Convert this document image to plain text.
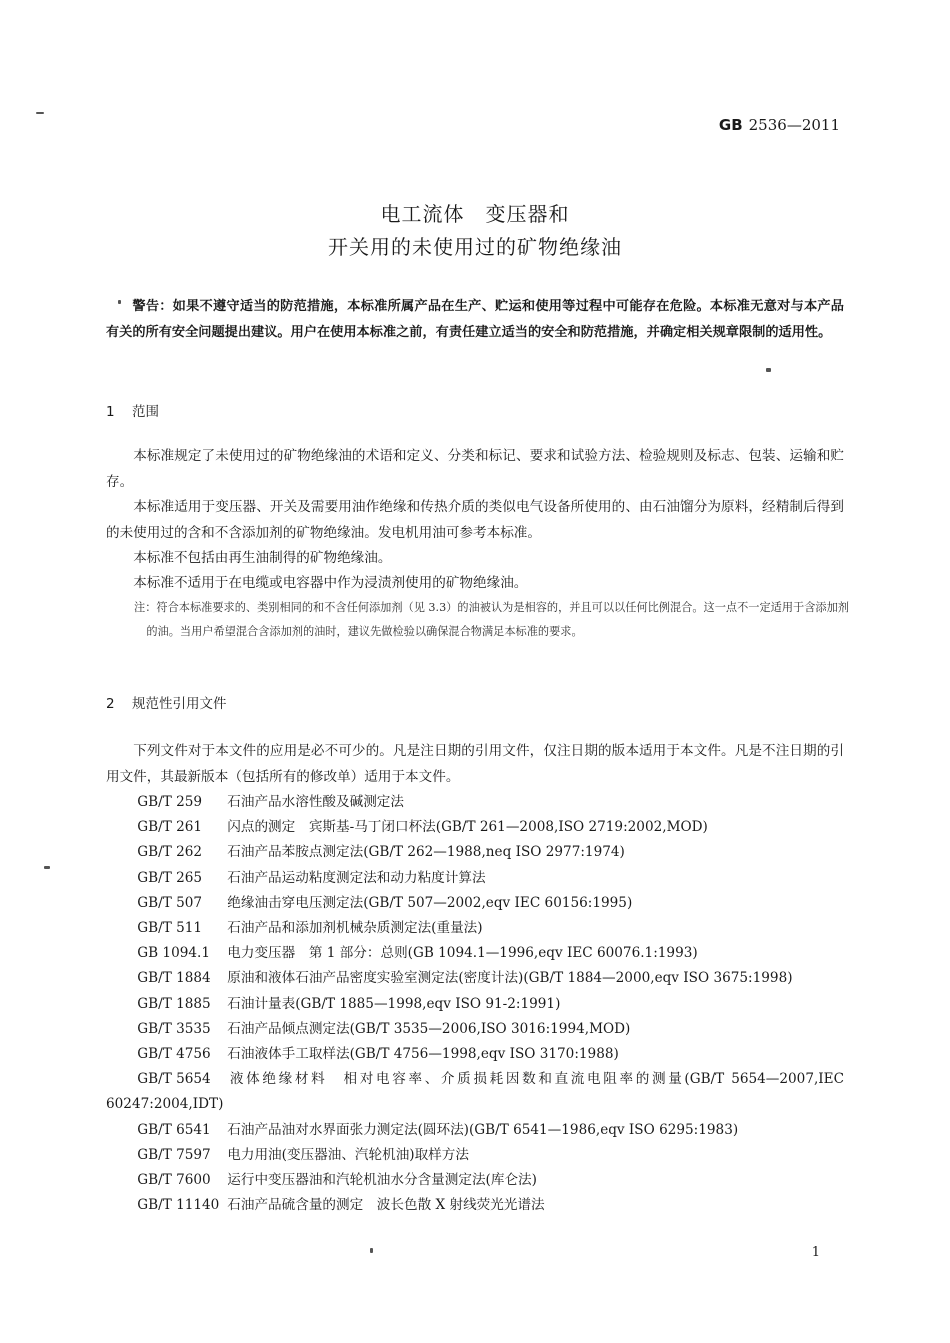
GB 2536—2011
电工流体　变压器和
开关用的未使用过的矿物绝缘油

警告：如果不遵守适当的防范措施，本标准所属产品在生产、贮运和使用等过程中可能存在危险。本标准无意对与本产品有关的所有安全问题提出建议。用户在使用本标准之前，有责任建立适当的安全和防范措施，并确定相关规章限制的适用性。

1 范围

本标准规定了未使用过的矿物绝缘油的术语和定义、分类和标记、要求和试验方法、检验规则及标志、包装、运输和贮存。

本标准适用于变压器、开关及需要用油作绝缘和传热介质的类似电气设备所使用的、由石油馏分为原料，经精制后得到的未使用过的含和不含添加剂的矿物绝缘油。发电机用油可参考本标准。

本标准不包括由再生油制得的矿物绝缘油。

本标准不适用于在电缆或电容器中作为浸渍剂使用的矿物绝缘油。

注：符合本标准要求的、类别相同的和不含任何添加剂（见 3.3）的油被认为是相容的，并且可以以任何比例混合。这一点不一定适用于含添加剂的油。当用户希望混合含添加剂的油时，建议先做检验以确保混合物满足本标准的要求。

2 规范性引用文件

下列文件对于本文件的应用是必不可少的。凡是注日期的引用文件，仅注日期的版本适用于本文件。凡是不注日期的引用文件，其最新版本（包括所有的修改单）适用于本文件。

GB/T 259 石油产品水溶性酸及碱测定法
GB/T 261 闪点的测定　宾斯基-马丁闭口杯法(GB/T 261—2008,ISO 2719:2002,MOD)
GB/T 262 石油产品苯胺点测定法(GB/T 262—1988,neq ISO 2977:1974)
GB/T 265 石油产品运动粘度测定法和动力粘度计算法
GB/T 507 绝缘油击穿电压测定法(GB/T 507—2002,eqv IEC 60156:1995)
GB/T 511 石油产品和添加剂机械杂质测定法(重量法)
GB 1094.1 电力变压器　第 1 部分：总则(GB 1094.1—1996,eqv IEC 60076.1:1993)
GB/T 1884 原油和液体石油产品密度实验室测定法(密度计法)(GB/T 1884—2000,eqv ISO 3675:1998)
GB/T 1885 石油计量表(GB/T 1885—1998,eqv ISO 91-2:1991)
GB/T 3535 石油产品倾点测定法(GB/T 3535—2006,ISO 3016:1994,MOD)
GB/T 4756 石油液体手工取样法(GB/T 4756—1998,eqv ISO 3170:1988)
GB/T 5654 液体绝缘材料　相对电容率、介质损耗因数和直流电阻率的测量(GB/T 5654—2007,IEC 60247:2004,IDT)
GB/T 6541 石油产品油对水界面张力测定法(圆环法)(GB/T 6541—1986,eqv ISO 6295:1983)
GB/T 7597 电力用油(变压器油、汽轮机油)取样方法
GB/T 7600 运行中变压器油和汽轮机油水分含量测定法(库仑法)
GB/T 11140 石油产品硫含量的测定　波长色散 X 射线荧光光谱法
1
